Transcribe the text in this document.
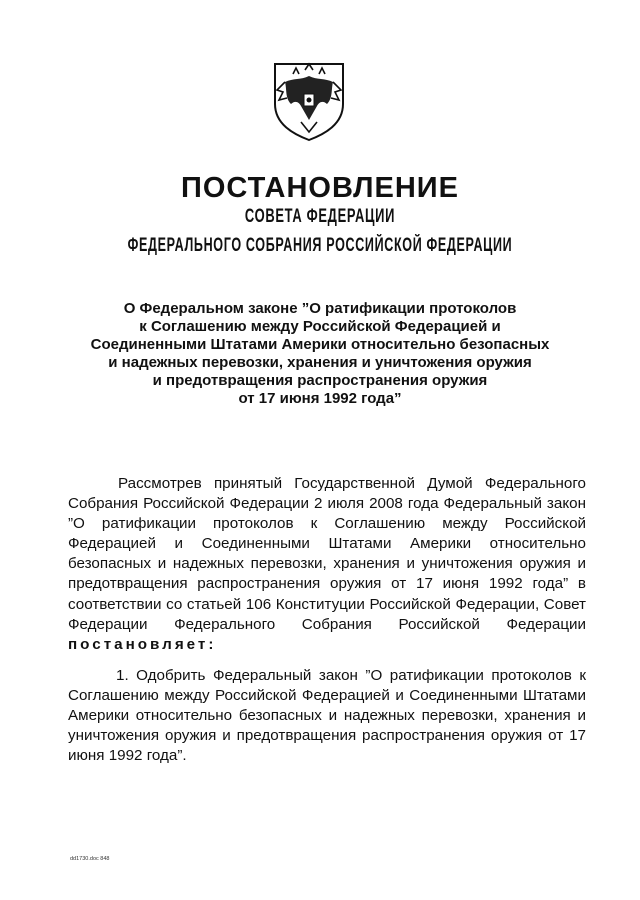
ПОСТАНОВЛЕНИЕ
СОВЕТА ФЕДЕРАЦИИ
ФЕДЕРАЛЬНОГО СОБРАНИЯ РОССИЙСКОЙ ФЕДЕРАЦИИ
О Федеральном законе ”О ратификации протоколов
к Соглашению между Российской Федерацией и
Соединенными Штатами Америки относительно безопасных
и надежных перевозки, хранения и уничтожения оружия
и предотвращения распространения оружия
от 17 июня 1992 года”
Рассмотрев принятый Государственной Думой Федерального Собрания Российской Федерации 2 июля 2008 года Федеральный закон ”О ратификации протоколов к Соглашению между Российской Федерацией и Соединенными Штатами Америки относительно безопасных и надежных перевозки, хранения и уничтожения оружия и предотвращения распространения оружия от 17 июня 1992 года” в соответствии со статьей 106 Конституции Российской Федерации, Совет Федерации Федерального Собрания Российской Федерации постановляет:
1. Одобрить Федеральный закон ”О ратификации протоколов к Соглашению между Российской Федерацией и Соединенными Штатами Америки относительно безопасных и надежных перевозки, хранения и уничтожения оружия и предотвращения распространения оружия от 17 июня 1992 года”.
dd1730.doc 848
